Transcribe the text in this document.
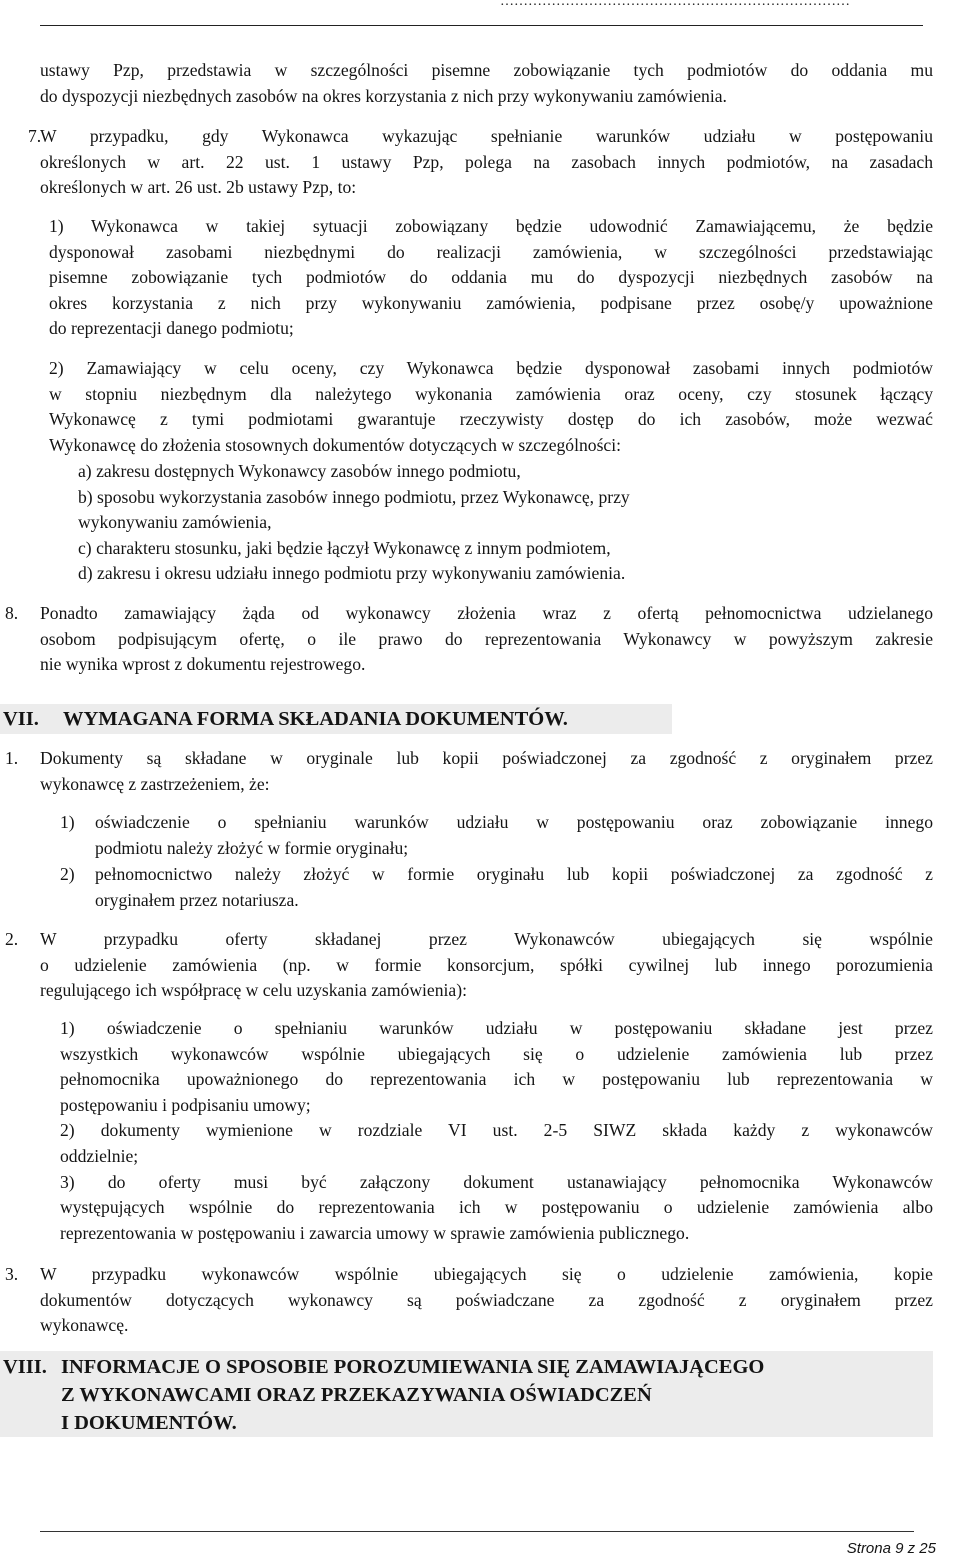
…………………………………………………………………
ustawy Pzp, przedstawia w szczególności pisemne zobowiązanie tych podmiotów do oddania mu
do dyspozycji niezbędnych zasobów na okres korzystania z nich przy wykonywaniu zamówienia.
7.
W przypadku, gdy Wykonawca wykazując spełnianie warunków udziału w postępowaniu
określonych w art. 22 ust. 1 ustawy Pzp, polega na zasobach innych podmiotów, na zasadach
określonych w art. 26 ust. 2b ustawy Pzp, to:
1) Wykonawca w takiej sytuacji zobowiązany będzie udowodnić Zamawiającemu, że będzie
dysponował zasobami niezbędnymi do realizacji zamówienia, w szczególności przedstawiając
pisemne zobowiązanie tych podmiotów do oddania mu do dyspozycji niezbędnych zasobów na
okres korzystania z nich przy wykonywaniu zamówienia, podpisane przez osobę/y upoważnione
do reprezentacji danego podmiotu;
2) Zamawiający w celu oceny, czy Wykonawca będzie dysponował zasobami innych podmiotów
w stopniu niezbędnym dla należytego wykonania zamówienia oraz oceny, czy stosunek łączący
Wykonawcę z tymi podmiotami gwarantuje rzeczywisty dostęp do ich zasobów, może wezwać
Wykonawcę do złożenia stosownych dokumentów dotyczących w szczególności:
a) zakresu dostępnych Wykonawcy zasobów innego podmiotu,
b) sposobu wykorzystania zasobów innego podmiotu, przez Wykonawcę, przy
wykonywaniu zamówienia,
c) charakteru stosunku, jaki będzie łączył Wykonawcę z innym podmiotem,
d) zakresu i okresu udziału innego podmiotu przy wykonywaniu zamówienia.
8. Ponadto zamawiający żąda od wykonawcy złożenia wraz z ofertą pełnomocnictwa udzielanego
osobom podpisującym ofertę, o ile prawo do reprezentowania Wykonawcy w powyższym zakresie
nie wynika wprost z dokumentu rejestrowego.
VII. WYMAGANA FORMA SKŁADANIA DOKUMENTÓW.
1. Dokumenty są składane w oryginale lub kopii poświadczonej za zgodność z oryginałem przez
wykonawcę z zastrzeżeniem, że:
1) oświadczenie o spełnianiu warunków udziału w postępowaniu oraz zobowiązanie innego
podmiotu należy złożyć w formie oryginału;
2) pełnomocnictwo należy złożyć w formie oryginału lub kopii poświadczonej za zgodność z
oryginałem przez notariusza.
2. W przypadku oferty składanej przez Wykonawców ubiegających się wspólnie
o udzielenie zamówienia (np. w formie konsorcjum, spółki cywilnej lub innego porozumienia
regulującego ich współpracę w celu uzyskania zamówienia):
1) oświadczenie o spełnianiu warunków udziału w postępowaniu składane jest przez
wszystkich wykonawców wspólnie ubiegających się o udzielenie zamówienia lub przez
pełnomocnika upoważnionego do reprezentowania ich w postępowaniu lub reprezentowania w
postępowaniu i podpisaniu umowy;
2) dokumenty wymienione w rozdziale VI ust. 2-5 SIWZ składa każdy z wykonawców
oddzielnie;
3) do oferty musi być załączony dokument ustanawiający pełnomocnika Wykonawców
występujących wspólnie do reprezentowania ich w postępowaniu o udzielenie zamówienia albo
reprezentowania w postępowaniu i zawarcia umowy w sprawie zamówienia publicznego.
3. W przypadku wykonawców wspólnie ubiegających się o udzielenie zamówienia, kopie
dokumentów dotyczących wykonawcy są poświadczane za zgodność z oryginałem przez
wykonawcę.
VIII. INFORMACJE O SPOSOBIE POROZUMIEWANIA SIĘ ZAMAWIAJĄCEGO
Z WYKONAWCAMI ORAZ PRZEKAZYWANIA OŚWIADCZEŃ
I DOKUMENTÓW.
Strona 9 z 25
